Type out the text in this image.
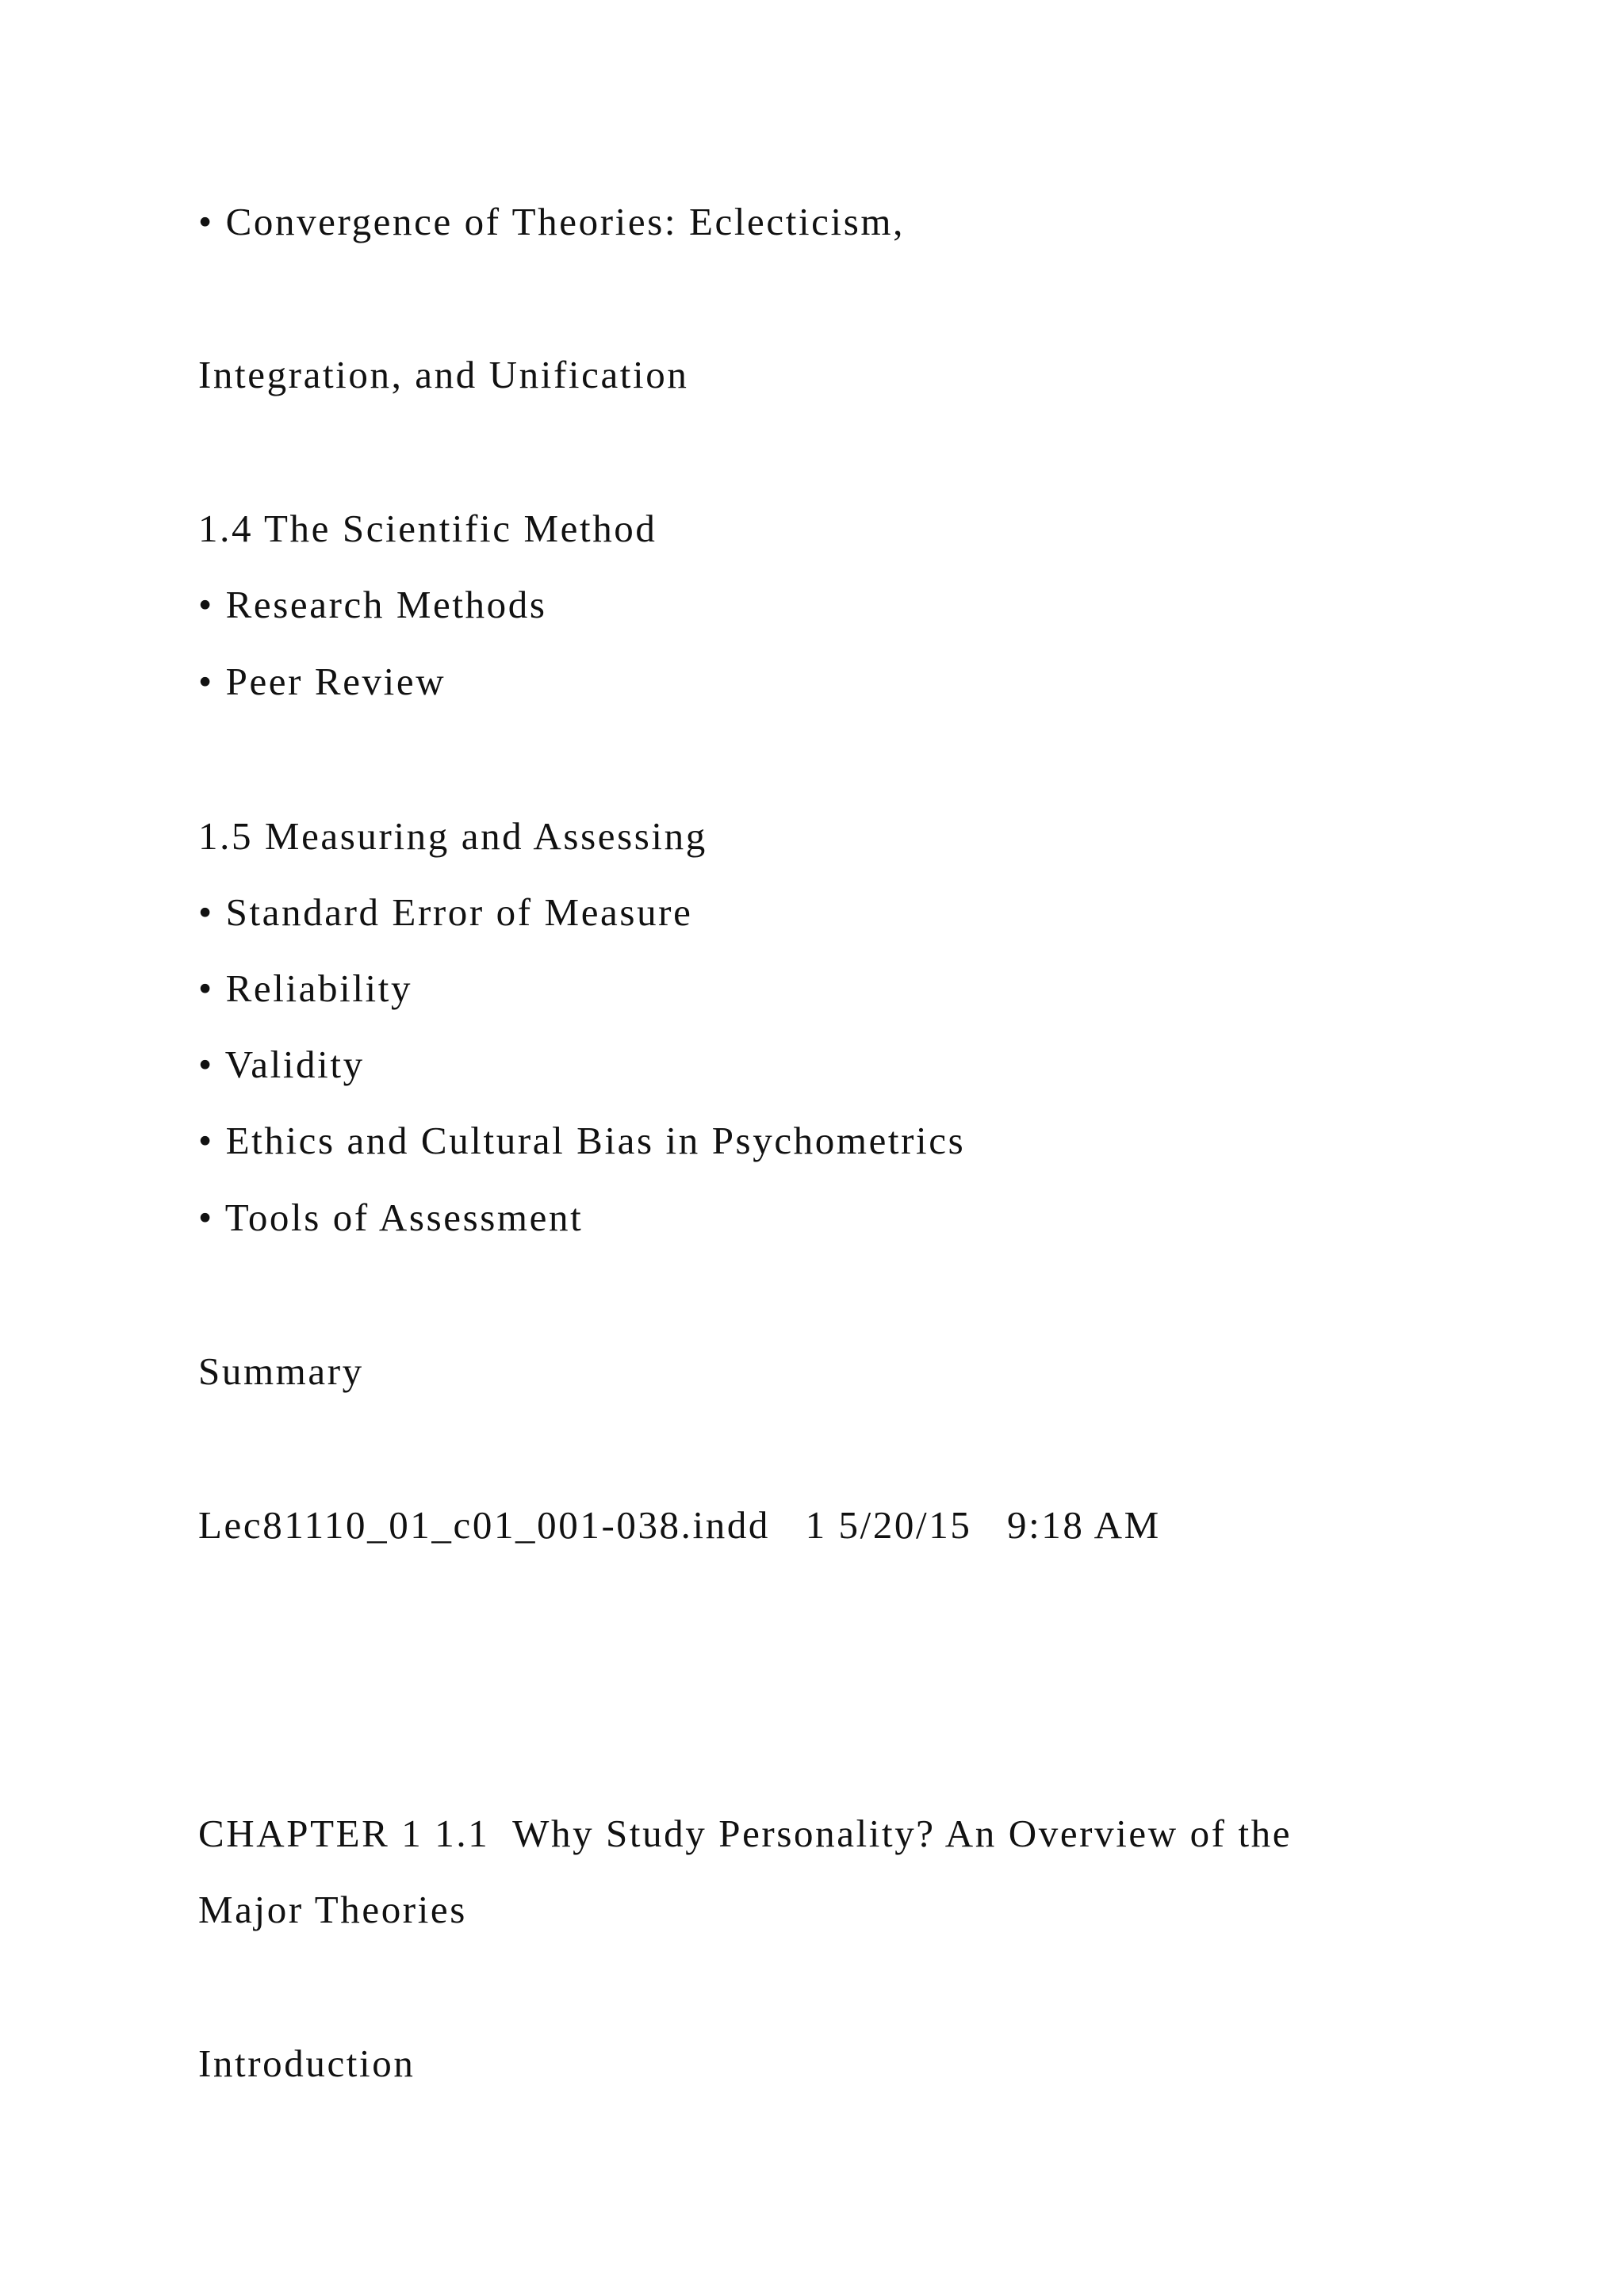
• Convergence of Theories: Eclecticism,

Integration, and Unification

1.4 The Scientific Method

• Research Methods

• Peer Review

1.5 Measuring and Assessing

• Standard Error of Measure

• Reliability

• Validity

• Ethics and Cultural Bias in Psychometrics

• Tools of Assessment

Summary

Lec81110_01_c01_001-038.indd   1 5/20/15   9:18 AM

CHAPTER 1 1.1  Why Study Personality? An Overview of the

Major Theories

Introduction
